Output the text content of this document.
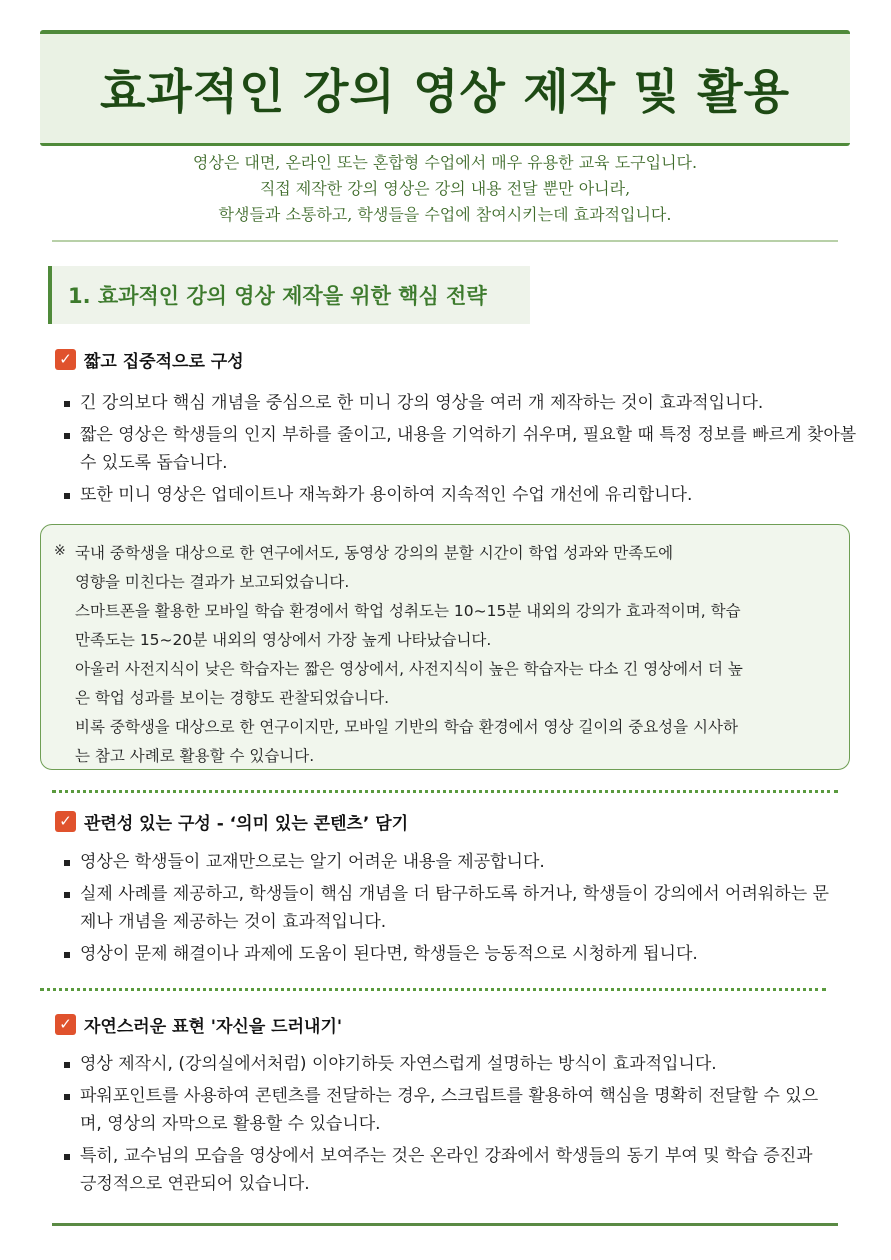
효과적인 강의 영상 제작 및 활용
영상은 대면, 온라인 또는 혼합형 수업에서 매우 유용한 교육 도구입니다.
직접 제작한 강의 영상은 강의 내용 전달 뿐만 아니라,
학생들과 소통하고, 학생들을 수업에 참여시키는데 효과적입니다.
1. 효과적인 강의 영상 제작을 위한 핵심 전략
✓ 짧고 집중적으로 구성
긴 강의보다 핵심 개념을 중심으로 한 미니 강의 영상을 여러 개 제작하는 것이 효과적입니다.
짧은 영상은 학생들의 인지 부하를 줄이고, 내용을 기억하기 쉬우며, 필요할 때 특정 정보를 빠르게 찾아볼 수 있도록 돕습니다.
또한 미니 영상은 업데이트나 재녹화가 용이하여 지속적인 수업 개선에 유리합니다.
※ 국내 중학생을 대상으로 한 연구에서도, 동영상 강의의 분할 시간이 학업 성과와 만족도에

영향을 미친다는 결과가 보고되었습니다.

스마트폰을 활용한 모바일 학습 환경에서 학업 성취도는 10~15분 내외의 강의가 효과적이며, 학습

만족도는 15~20분 내외의 영상에서 가장 높게 나타났습니다.

아울러 사전지식이 낮은 학습자는 짧은 영상에서, 사전지식이 높은 학습자는 다소 긴 영상에서 더 높

은 학업 성과를 보이는 경향도 관찰되었습니다.

비록 중학생을 대상으로 한 연구이지만, 모바일 기반의 학습 환경에서 영상 길이의 중요성을 시사하

는 참고 사례로 활용할 수 있습니다.

✓ 관련성 있는 구성 - ‘의미 있는 콘텐츠’ 담기
영상은 학생들이 교재만으로는 알기 어려운 내용을 제공합니다.
실제 사례를 제공하고, 학생들이 핵심 개념을 더 탐구하도록 하거나, 학생들이 강의에서 어려워하는 문제나 개념을 제공하는 것이 효과적입니다.
영상이 문제 해결이나 과제에 도움이 된다면, 학생들은 능동적으로 시청하게 됩니다.
✓ 자연스러운 표현 '자신을 드러내기'
영상 제작시, (강의실에서처럼) 이야기하듯 자연스럽게 설명하는 방식이 효과적입니다.
파워포인트를 사용하여 콘텐츠를 전달하는 경우, 스크립트를 활용하여 핵심을 명확히 전달할 수 있으며, 영상의 자막으로 활용할 수 있습니다.
특히, 교수님의 모습을 영상에서 보여주는 것은 온라인 강좌에서 학생들의 동기 부여 및 학습 증진과 긍정적으로 연관되어 있습니다.
